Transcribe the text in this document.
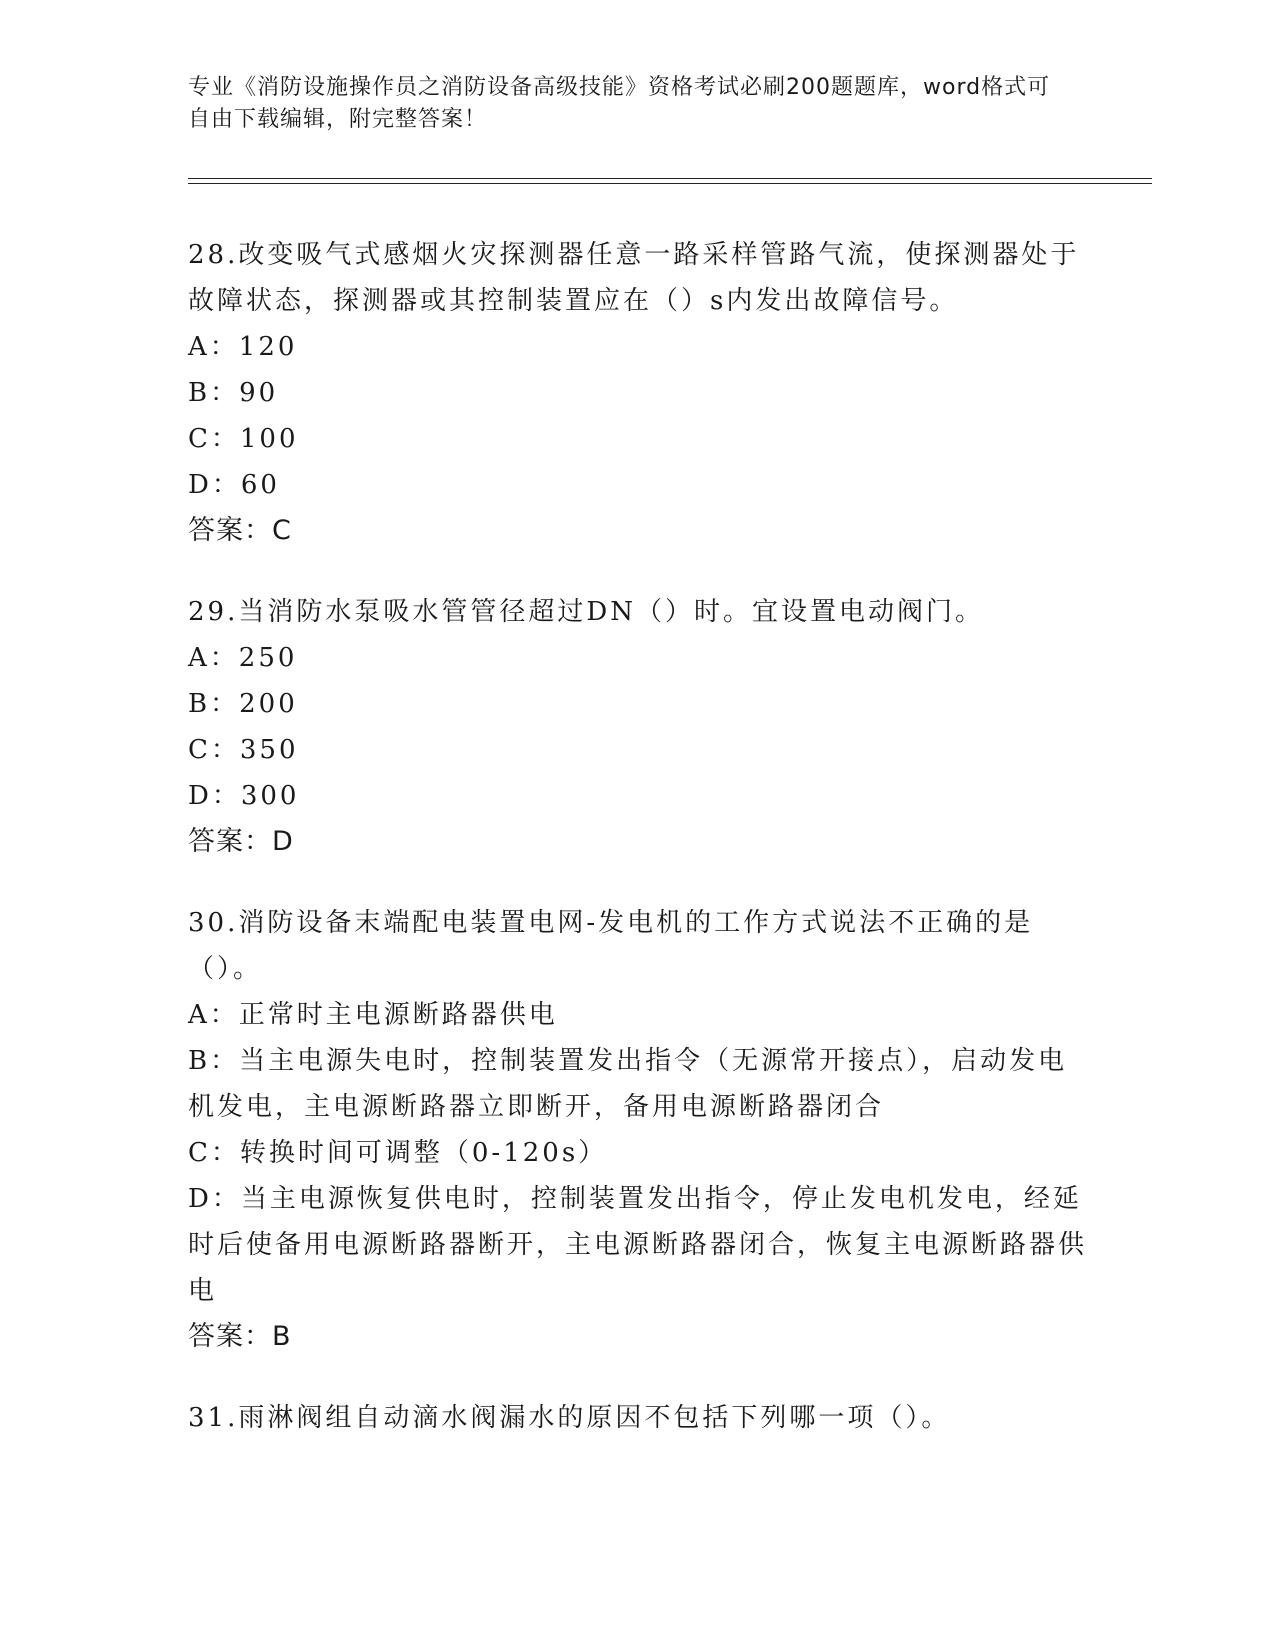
专业《消防设施操作员之消防设备高级技能》资格考试必刷200题题库，word格式可自由下载编辑，附完整答案！

28.改变吸气式感烟火灾探测器任意一路采样管路气流，使探测器处于故障状态，探测器或其控制装置应在（）s内发出故障信号。

A：120
B：90
C：100
D：60
答案：C

29.当消防水泵吸水管管径超过DN（）时。宜设置电动阀门。

A：250
B：200
C：350
D：300
答案：D

30.消防设备末端配电装置电网-发电机的工作方式说法不正确的是（）。

A：正常时主电源断路器供电
B：当主电源失电时，控制装置发出指令（无源常开接点），启动发电机发电，主电源断路器立即断开，备用电源断路器闭合
C：转换时间可调整（0-120s）
D：当主电源恢复供电时，控制装置发出指令，停止发电机发电，经延时后使备用电源断路器断开，主电源断路器闭合，恢复主电源断路器供电
答案：B

31.雨淋阀组自动滴水阀漏水的原因不包括下列哪一项（）。
